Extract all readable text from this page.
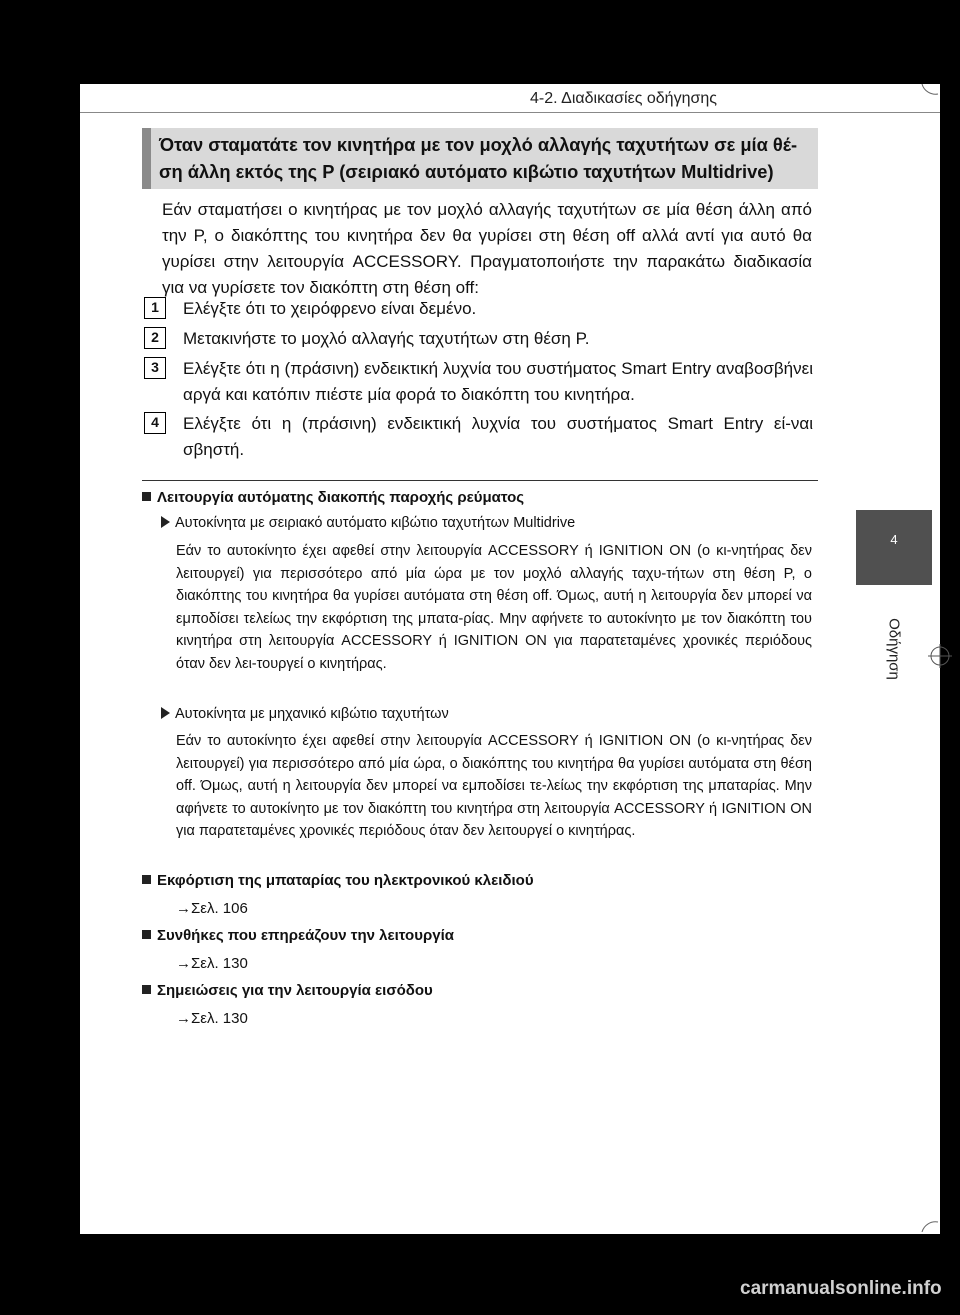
4-2. Διαδικασίες οδήγησης
Όταν σταματάτε τον κινητήρα με τον μοχλό αλλαγής ταχυτήτων σε μία θέ-
ση άλλη εκτός της P (σειριακό αυτόματο κιβώτιο ταχυτήτων Multidrive)
Εάν σταματήσει ο κινητήρας με τον μοχλό αλλαγής ταχυτήτων σε μία θέση άλλη από την P, ο διακόπτης του κινητήρα δεν θα γυρίσει στη θέση off αλλά αντί για αυτό θα γυρίσει στην λειτουργία ACCESSORY. Πραγματοποιήστε την παρακάτω διαδικασία για να γυρίσετε τον διακόπτη στη θέση off:
1	Ελέγξτε ότι το χειρόφρενο είναι δεμένο.
2	Μετακινήστε το μοχλό αλλαγής ταχυτήτων στη θέση P.
3	Ελέγξτε ότι η (πράσινη) ενδεικτική λυχνία του συστήματος Smart Entry αναβοσβήνει αργά και κατόπιν πιέστε μία φορά το διακόπτη του κινητήρα.
4	Ελέγξτε ότι η (πράσινη) ενδεικτική λυχνία του συστήματος Smart Entry εί-ναι σβηστή.
Λειτουργία αυτόματης διακοπής παροχής ρεύματος
Αυτοκίνητα με σειριακό αυτόματο κιβώτιο ταχυτήτων Multidrive
Εάν το αυτοκίνητο έχει αφεθεί στην λειτουργία ACCESSORY ή IGNITION ON (ο κι-νητήρας δεν λειτουργεί) για περισσότερο από μία ώρα με τον μοχλό αλλαγής ταχυ-τήτων στη θέση P, ο διακόπτης του κινητήρα θα γυρίσει αυτόματα στη θέση off. Όμως, αυτή η λειτουργία δεν μπορεί να εμποδίσει τελείως την εκφόρτιση της μπατα-ρίας. Μην αφήνετε το αυτοκίνητο με τον διακόπτη του κινητήρα στη λειτουργία ACCESSORY ή IGNITION ON για παρατεταμένες χρονικές περιόδους όταν δεν λει-τουργεί ο κινητήρας.
Αυτοκίνητα με μηχανικό κιβώτιο ταχυτήτων
Εάν το αυτοκίνητο έχει αφεθεί στην λειτουργία ACCESSORY ή IGNITION ON (ο κι-νητήρας δεν λειτουργεί) για περισσότερο από μία ώρα, ο διακόπτης του κινητήρα θα γυρίσει αυτόματα στη θέση off. Όμως, αυτή η λειτουργία δεν μπορεί να εμποδίσει τε-λείως την εκφόρτιση της μπαταρίας. Μην αφήνετε το αυτοκίνητο με τον διακόπτη του κινητήρα στη λειτουργία ACCESSORY ή IGNITION ON για παρατεταμένες χρονικές περιόδους όταν δεν λειτουργεί ο κινητήρας.
Εκφόρτιση της μπαταρίας του ηλεκτρονικού κλειδιού
→Σελ. 106
Συνθήκες που επηρεάζουν την λειτουργία
→Σελ. 130
Σημειώσεις για την λειτουργία εισόδου
→Σελ. 130
4
Οδήγηση
carmanualsonline.info
